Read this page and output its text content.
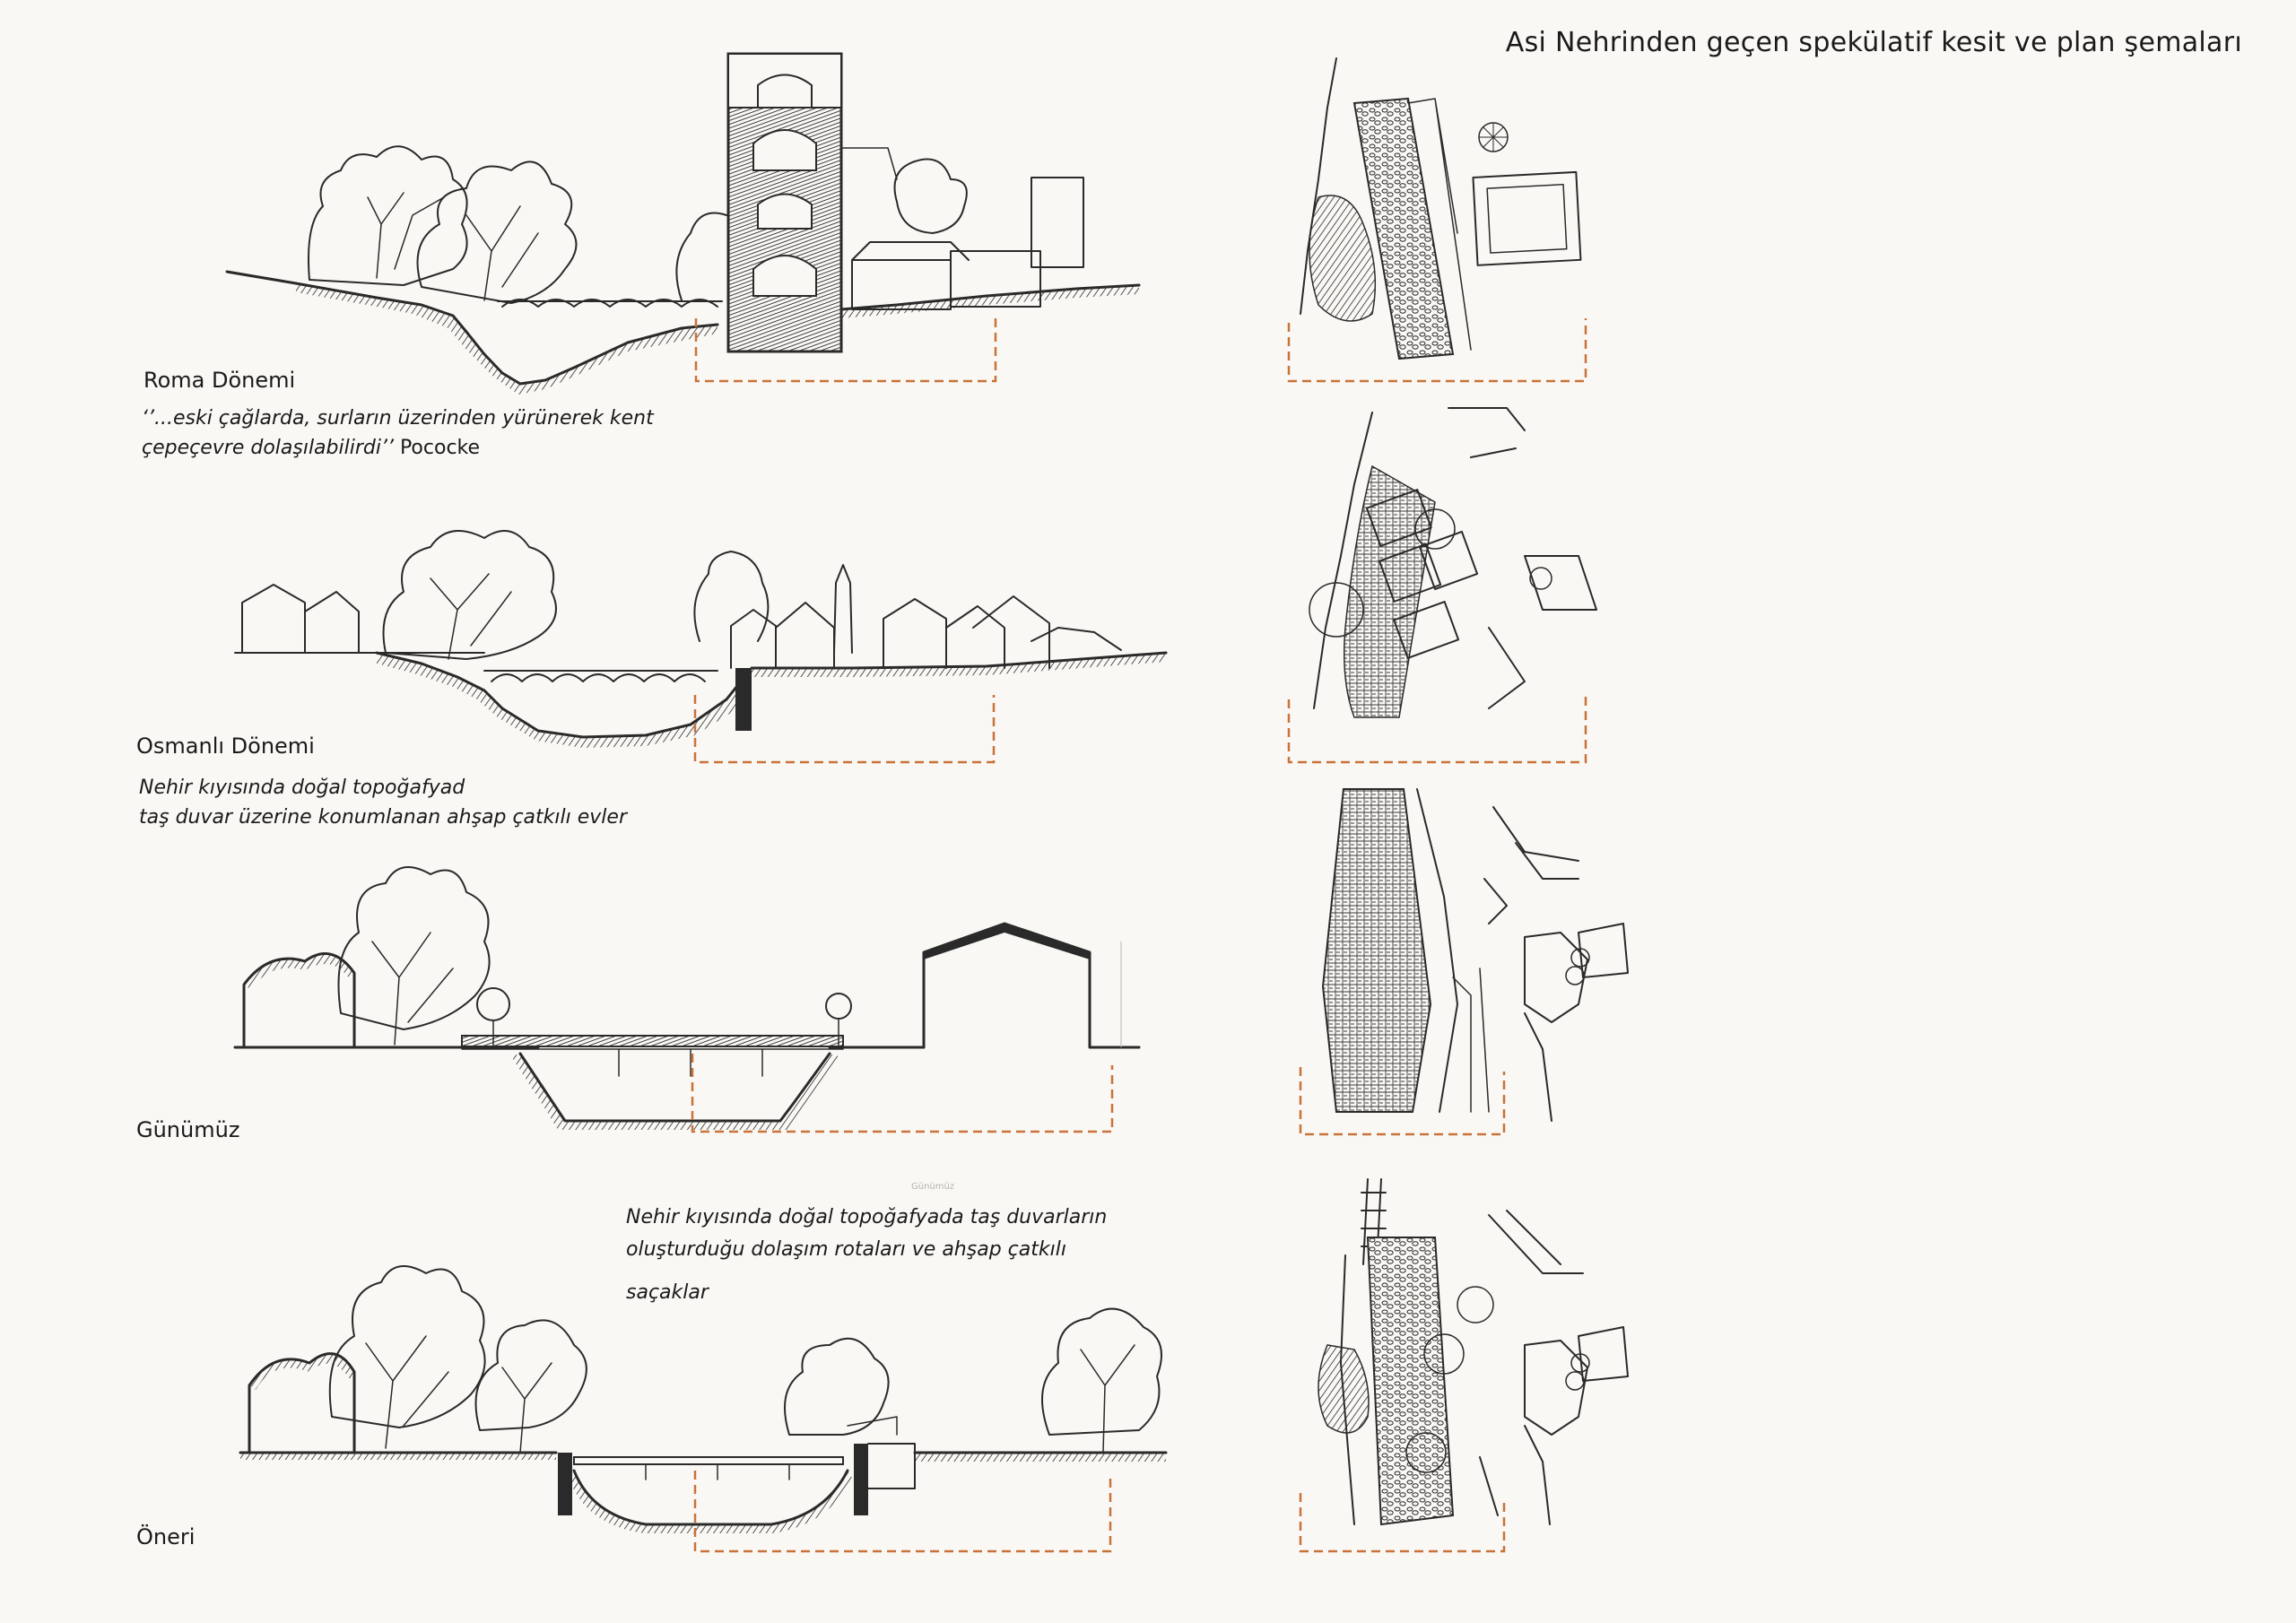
Asi Nehrinden geçen spekülatif kesit ve plan şemaları
Roma Dönemi
Osmanlı Dönemi
Günümüz
Öneri
‘’...eski çağlarda, surların üzerinden yürünerek kent
çepeçevre dolaşılabilirdi’’ Pococke
Nehir kıyısında doğal topoğafyad
taş duvar üzerine konumlanan ahşap çatkılı evler
Nehir kıyısında doğal topoğafyada taş duvarların
oluşturduğu dolaşım rotaları ve ahşap çatkılı
saçaklar
Günümüz
